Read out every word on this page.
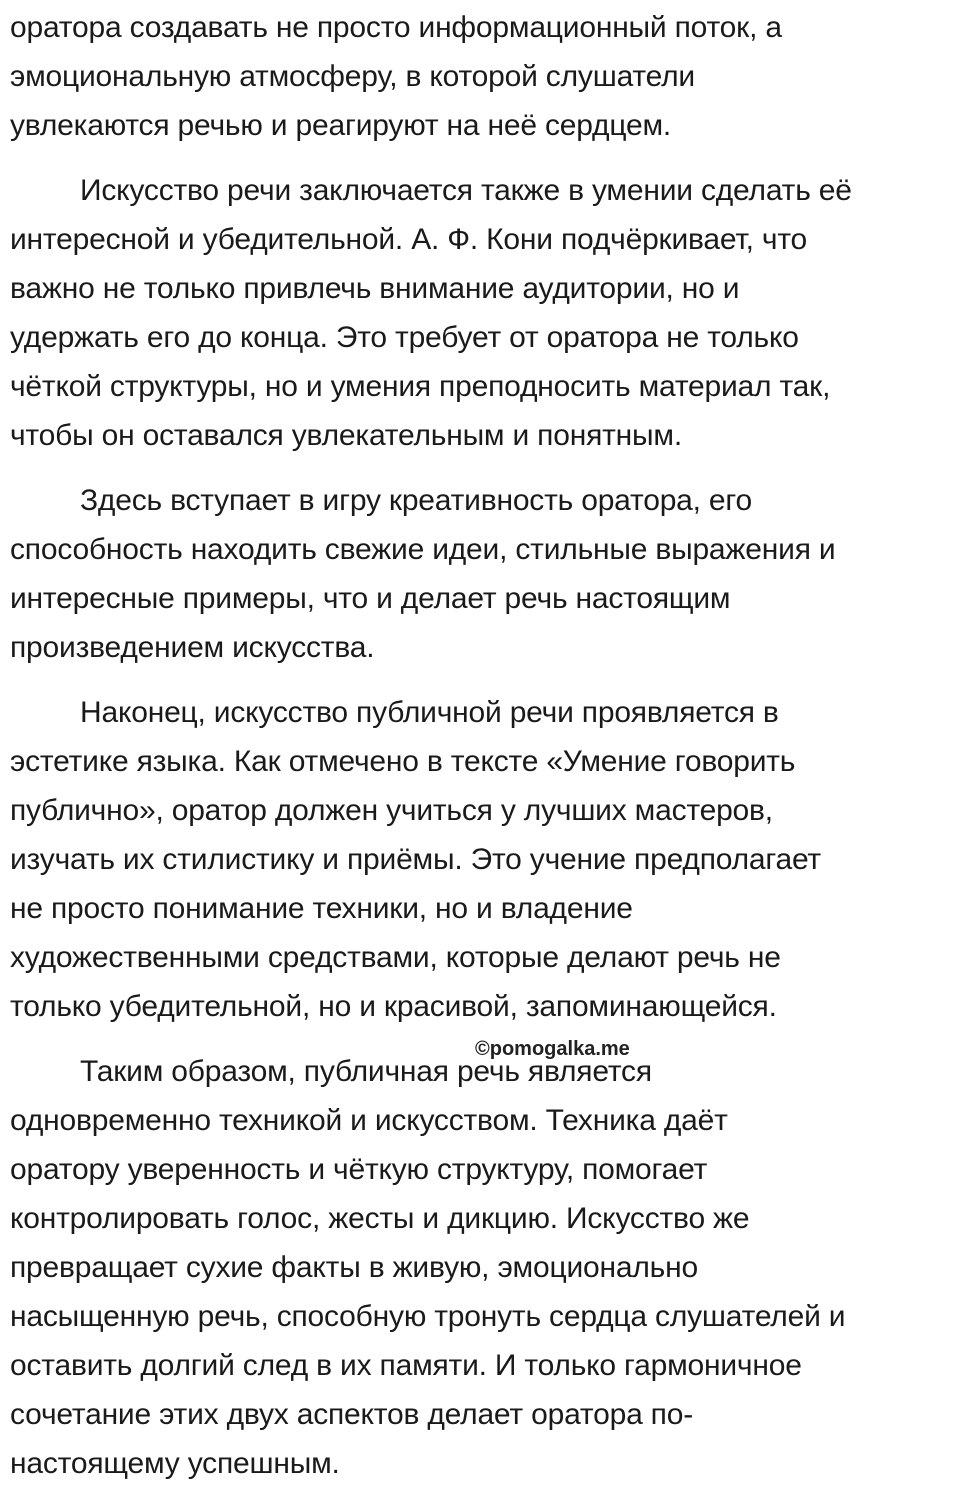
оратора создавать не просто информационный поток, а
эмоциональную атмосферу, в которой слушатели
увлекаются речью и реагируют на неё сердцем.
Искусство речи заключается также в умении сделать её
интересной и убедительной. А. Ф. Кони подчёркивает, что
важно не только привлечь внимание аудитории, но и
удержать его до конца. Это требует от оратора не только
чёткой структуры, но и умения преподносить материал так,
чтобы он оставался увлекательным и понятным.
Здесь вступает в игру креативность оратора, его
способность находить свежие идеи, стильные выражения и
интересные примеры, что и делает речь настоящим
произведением искусства.
Наконец, искусство публичной речи проявляется в
эстетике языка. Как отмечено в тексте «Умение говорить
публично», оратор должен учиться у лучших мастеров,
изучать их стилистику и приёмы. Это учение предполагает
не просто понимание техники, но и владение
художественными средствами, которые делают речь не
только убедительной, но и красивой, запоминающейся.
Таким образом, публичная речь является
одновременно техникой и искусством. Техника даёт
оратору уверенность и чёткую структуру, помогает
контролировать голос, жесты и дикцию. Искусство же
превращает сухие факты в живую, эмоционально
насыщенную речь, способную тронуть сердца слушателей и
оставить долгий след в их памяти. И только гармоничное
сочетание этих двух аспектов делает оратора по-
настоящему успешным.
©pomogalka.me
